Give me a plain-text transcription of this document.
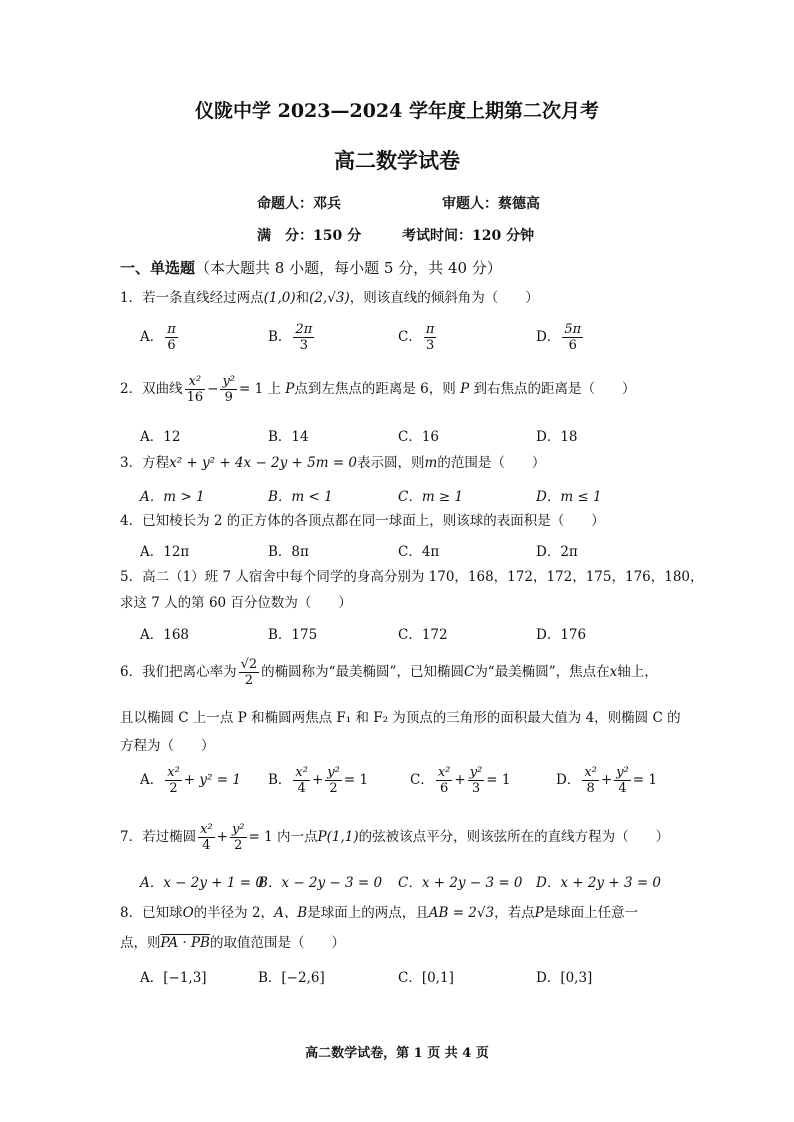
仪陇中学 2023—2024 学年度上期第二次月考
高二数学试卷
命题人：邓兵	审题人：蔡德高
满　分：150 分	考试时间：120 分钟
一、单选题（本大题共 8 小题，每小题 5 分，共 40 分）
1．若一条直线经过两点(1,0)和(2,√3)，则该直线的倾斜角为（　　）
A． $\frac{\pi}{6}$	B． $\frac{2\pi}{3}$	C． $\frac{\pi}{3}$	D． $\frac{5\pi}{6}$
2．双曲线 $\frac{\text{x²}}{16} - \frac{\text{y²}}{9} = 1$ 上 P点到左焦点的距离是 6，则 P 到右焦点的距离是（　　）
A．12	B．14	C．16	D．18
3．方程x² + y² + 4x − 2y + 5m = 0表示圆，则m的范围是（　　）
A．m > 1	B．m < 1	C．m ≥ 1	D．m ≤ 1
4．已知棱长为 2 的正方体的各顶点都在同一球面上，则该球的表面积是（　　）
A．12π	B．8π	C．4π	D．2π
5．高二（1）班 7 人宿舍中每个同学的身高分别为 170，168，172，172，175，176，180，
求这 7 人的第 60 百分位数为（　　）
A．168	B．175	C．172	D．176
6．我们把离心率为 $\frac{√2}{2}$ 的椭圆称为“最美椭圆”，已知椭圆C为“最美椭圆”，焦点在x轴上，
且以椭圆 C 上一点 P 和椭圆两焦点 F₁ 和 F₂ 为顶点的三角形的面积最大值为 4，则椭圆 C 的
方程为（　　）
A． $\frac{\text{x²}}{2} + y^2 = 1$ B． $\frac{\text{x²}}{4} + \frac{\text{y²}}{2} = 1$	C． $\frac{\text{x²}}{6} + \frac{\text{y²}}{3} = 1$	D． $\frac{\text{x²}}{8} + \frac{\text{y²}}{4} = 1$
7．若过椭圆 $\frac{\text{x²}}{4} + \frac{\text{y²}}{2} = 1$ 内一点P(1,1)的弦被该点平分，则该弦所在的直线方程为（　　）
A．x − 2y + 1 = 0
B．x − 2y − 3 = 0 C．x + 2y − 3 = 0 D．x + 2y + 3 = 0
8．已知球O的半径为 2，A、B是球面上的两点，且AB = 2√3，若点P是球面上任意一
点，则PA · PB的取值范围是（　　）
A．[−1,3]	B．[−2,6]	C．[0,1]	D．[0,3]
高二数学试卷，第 1 页 共 4 页
